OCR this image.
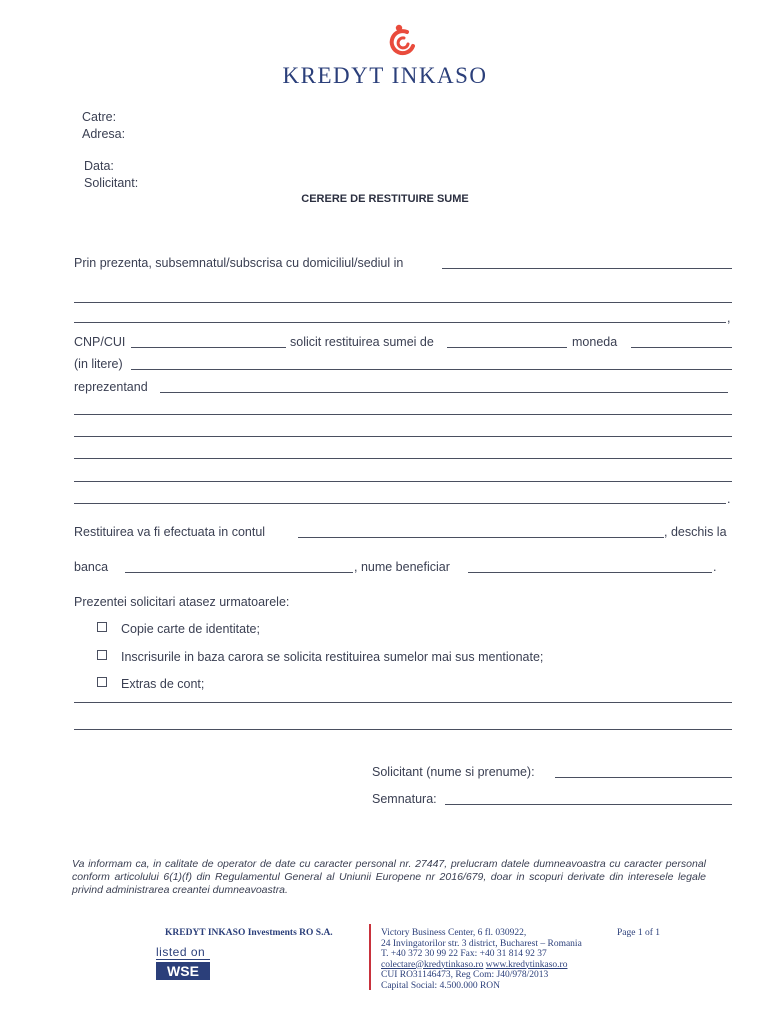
KREDYT INKASO
Catre:
Adresa:
Data:
Solicitant:
CERERE DE RESTITUIRE SUME
Prin prezenta, subsemnatul/subscrisa cu domiciliul/sediul in
,
CNP/CUI	solicit restituirea sumei de	moneda
(in litere)
reprezentand
.
Restituirea va fi efectuata in contul	, deschis la
banca	, nume beneficiar	.
Prezentei solicitari atasez urmatoarele:
Copie carte de identitate;
Inscrisurile in baza carora se solicita restituirea sumelor mai sus mentionate;
Extras de cont;
Solicitant (nume si prenume):
Semnatura:
Va informam ca, in calitate de operator de date cu caracter personal nr. 27447, prelucram datele dumneavoastra cu caracter personal conform articolului 6(1)(f) din Regulamentul General al Uniunii Europene nr 2016/679, doar in scopuri derivate din interesele legale privind administrarea creantei dumneavoastra.
KREDYT INKASO Investments RO S.A.
listed on
WSE
Victory Business Center, 6 fl. 030922,
24 Invingatorilor str. 3 district, Bucharest – Romania
T. +40 372 30 99 22 Fax: +40 31 814 92 37
colectare@kredytinkaso.ro www.kredytinkaso.ro
CUI RO31146473, Reg Com: J40/978/2013
Capital Social: 4.500.000 RON
Page 1 of 1
